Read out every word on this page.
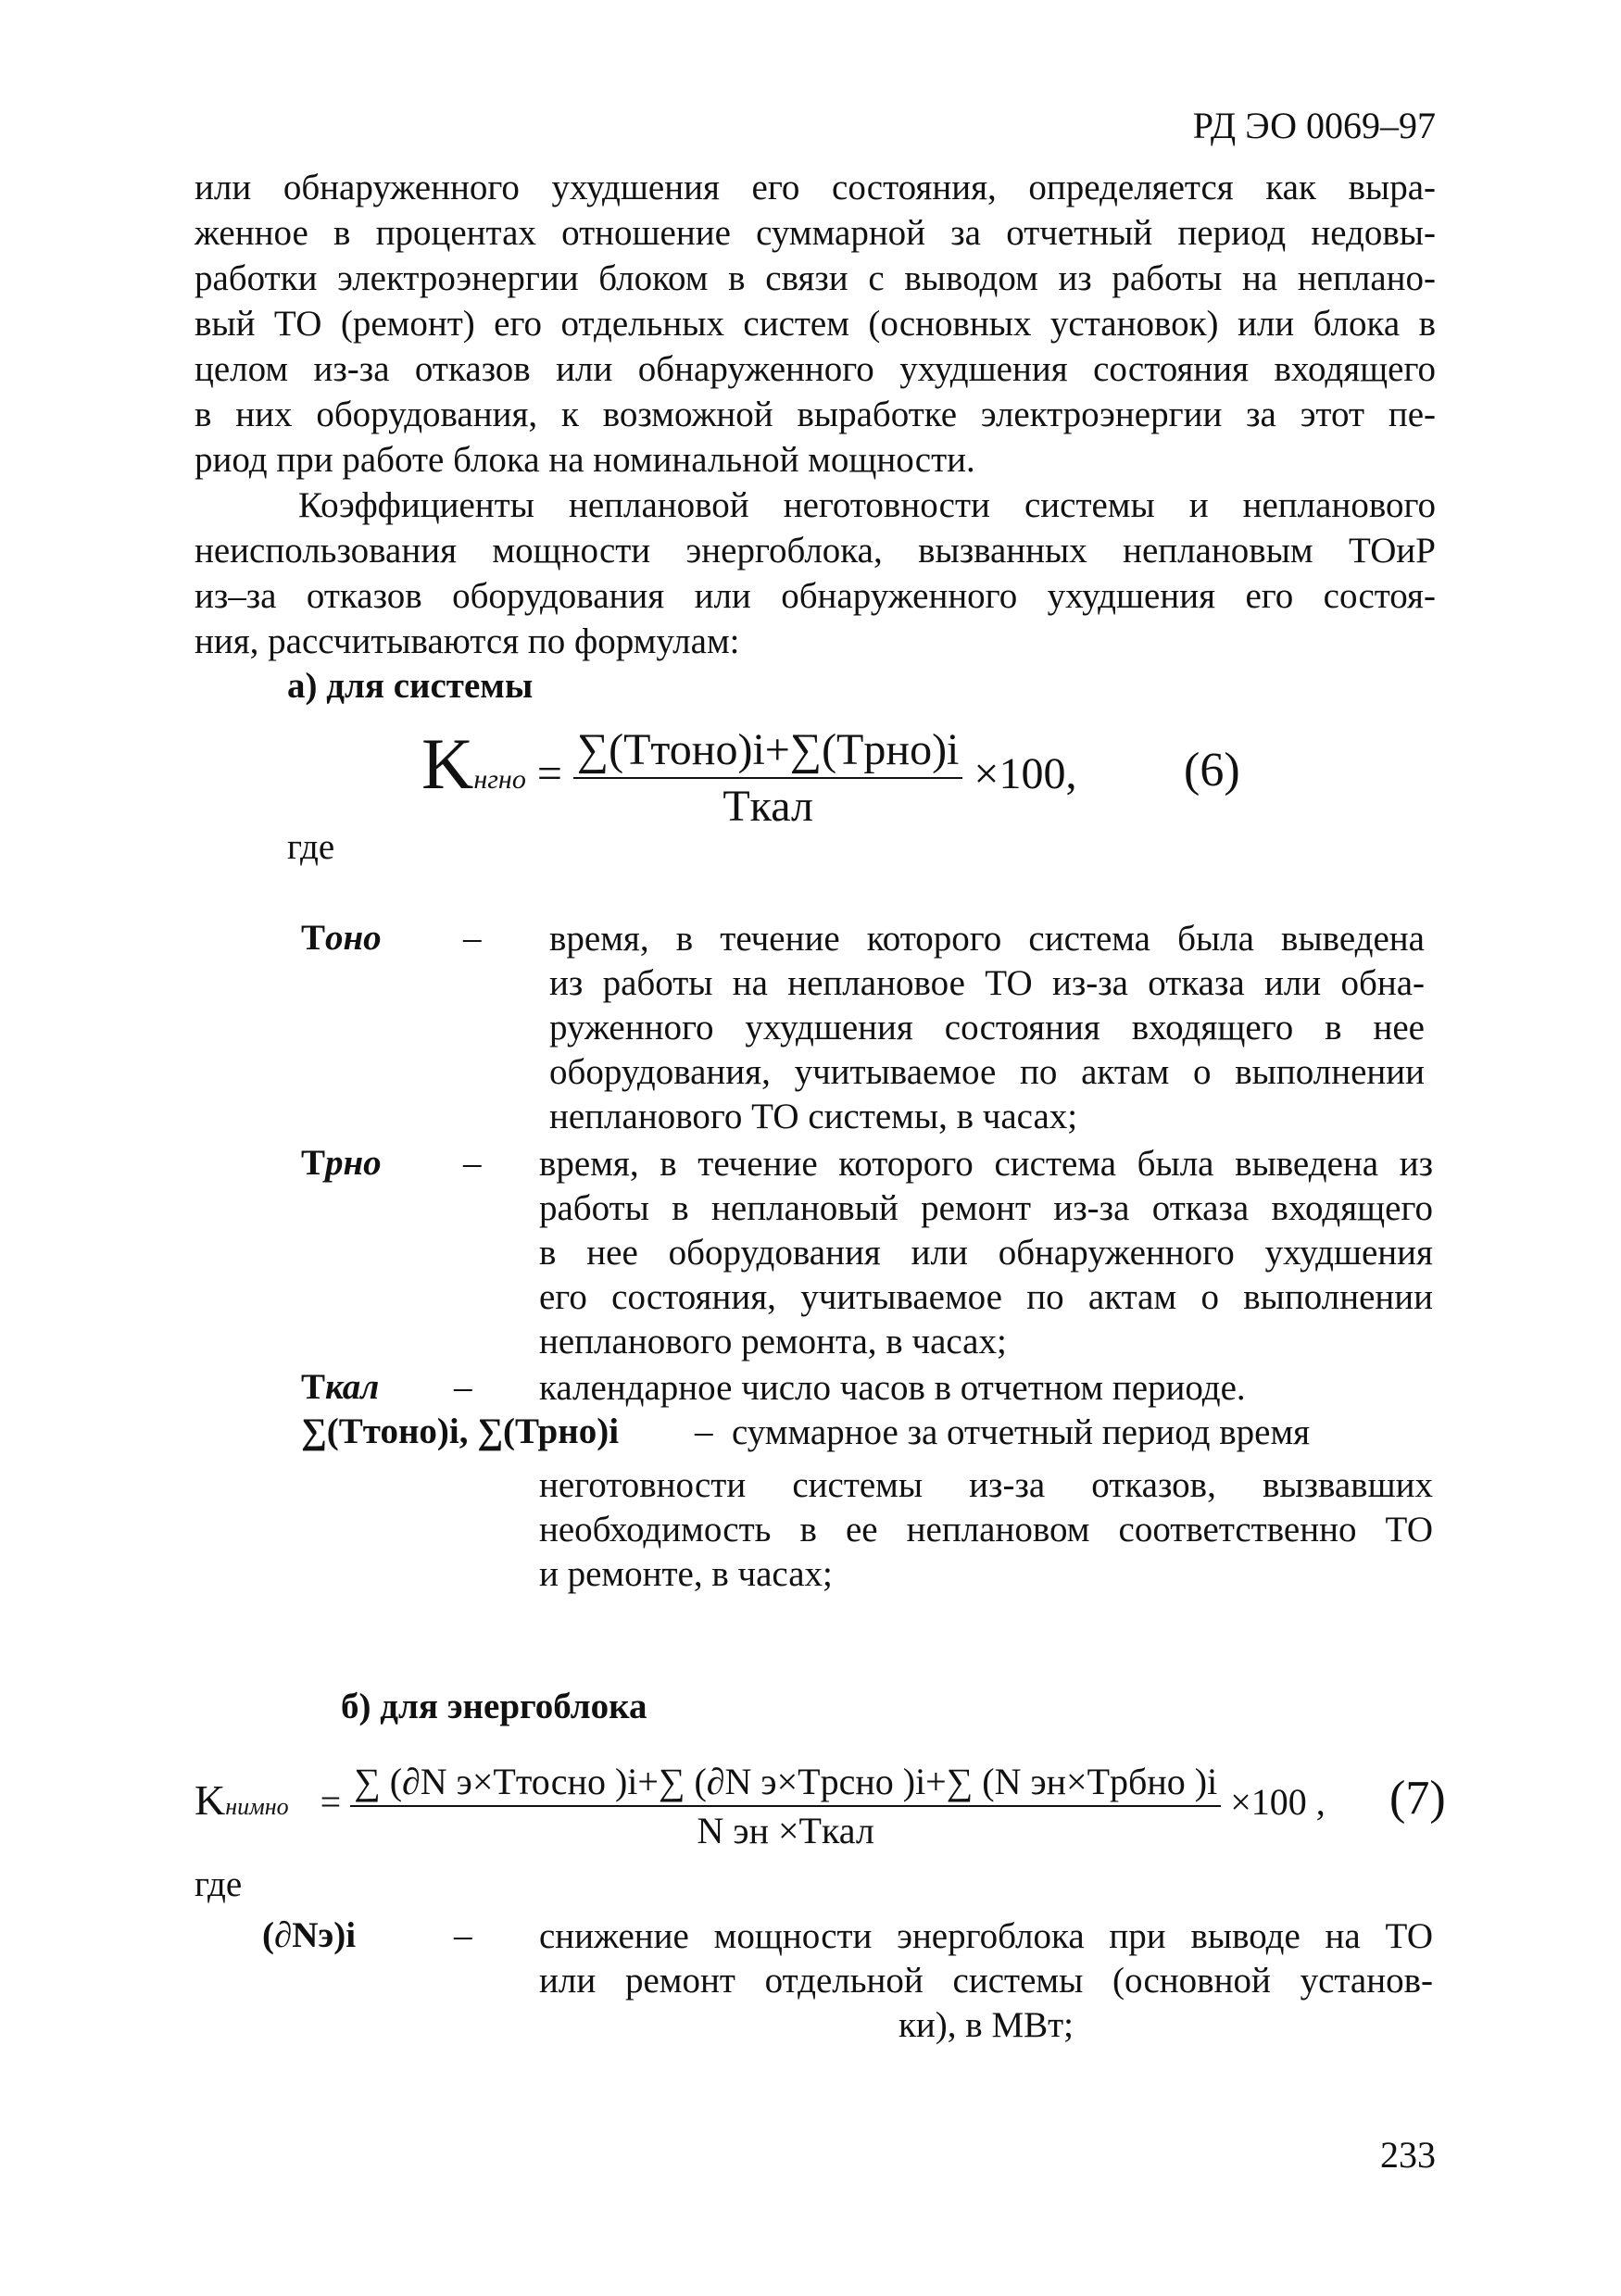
РД ЭО 0069–97
или обнаруженного ухудшения его состояния, определяется как выра-
женное в процентах отношение суммарной за отчетный период недовы-
работки электроэнергии блоком в связи с выводом из работы на неплано-
вый ТО (ремонт) его отдельных систем (основных установок) или блока в
целом из-за отказов или обнаруженного ухудшения состояния входящего
в них оборудования, к возможной выработке электроэнергии за этот пе-
риод при работе блока на номинальной мощности.
Коэффициенты неплановой неготовности системы и непланового
неиспользования мощности энергоблока, вызванных неплановым ТОиР
из–за отказов оборудования или обнаруженного ухудшения его состоя-
ния, рассчитываются по формулам:
а) для системы
Kнгно = $\frac{\text{∑(Tтоно)i+∑(Tрно)i}}{\text{Tкал}} \times 100$, (6)
где
Тоно – время, в течение которого система была выведена
из работы на неплановое ТО из-за отказа или обна-
руженного ухудшения состояния входящего в нее
оборудования, учитываемое по актам о выполнении
непланового ТО системы, в часах;
Трно – время, в течение которого система была выведена из
работы в неплановый ремонт из-за отказа входящего
в нее оборудования или обнаруженного ухудшения
его состояния, учитываемое по актам о выполнении
непланового ремонта, в часах;
Ткал – календарное число часов в отчетном периоде.
∑(Ттоно)i, ∑(Трно)i – суммарное за отчетный период время
неготовности системы из-за отказов, вызвавших
необходимость в ее неплановом соответственно ТО
и ремонте, в часах;
б) для энергоблока
Kнимно = $\frac{\text{∑ (∂N э×Tтосно )i+∑ (∂N э×Tрсно )i+∑ (N эн×Tрбно )i}}{\text{N эн ×Tкал}} \times 100$ , (7)
где
(∂Nэ)i	– снижение мощности энергоблока при выводе на ТО
или ремонт отдельной системы (основной установ-
ки), в МВт;
233
